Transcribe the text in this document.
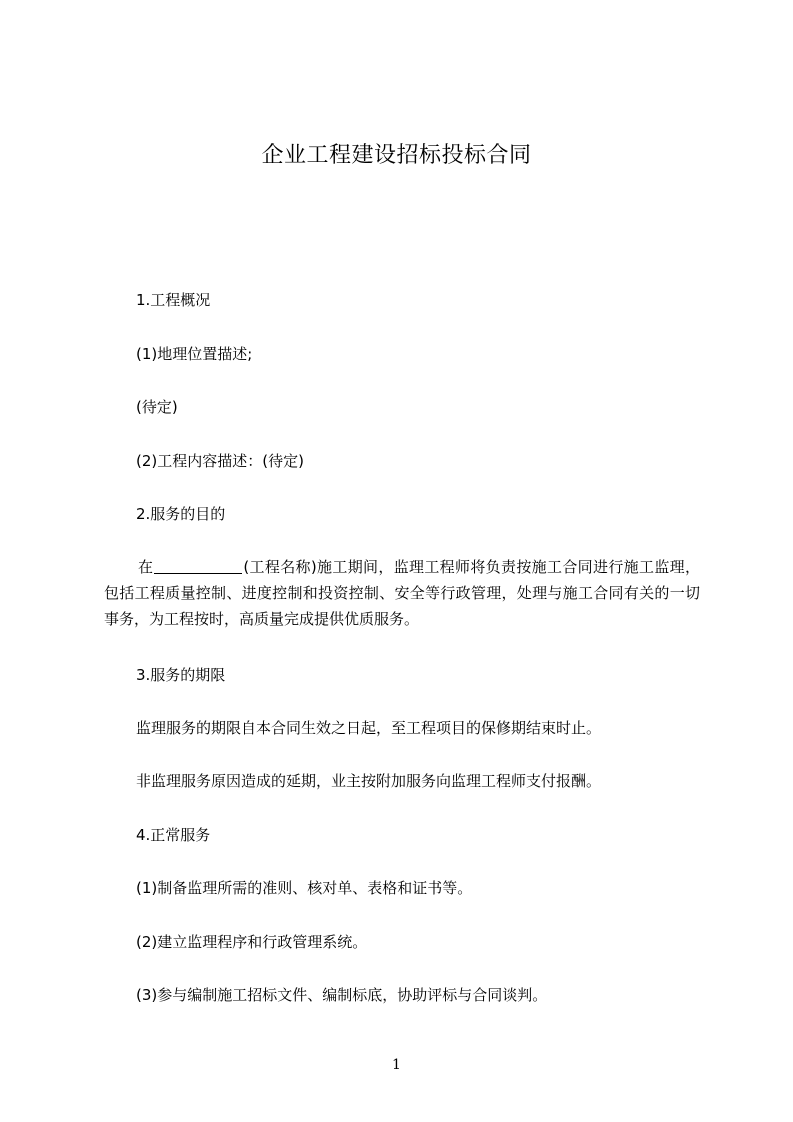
企业工程建设招标投标合同
1.工程概况
(1)地理位置描述;
(待定)
(2)工程内容描述：(待定)
2.服务的目的
在	(工程名称)施工期间，监理工程师将负责按施工合同进行施工监理，包括工程质量控制、进度控制和投资控制、安全等行政管理，处理与施工合同有关的一切事务，为工程按时，高质量完成提供优质服务。
3.服务的期限
监理服务的期限自本合同生效之日起，至工程项目的保修期结束时止。
非监理服务原因造成的延期，业主按附加服务向监理工程师支付报酬。
4.正常服务
(1)制备监理所需的准则、核对单、表格和证书等。
(2)建立监理程序和行政管理系统。
(3)参与编制施工招标文件、编制标底，协助评标与合同谈判。
1
